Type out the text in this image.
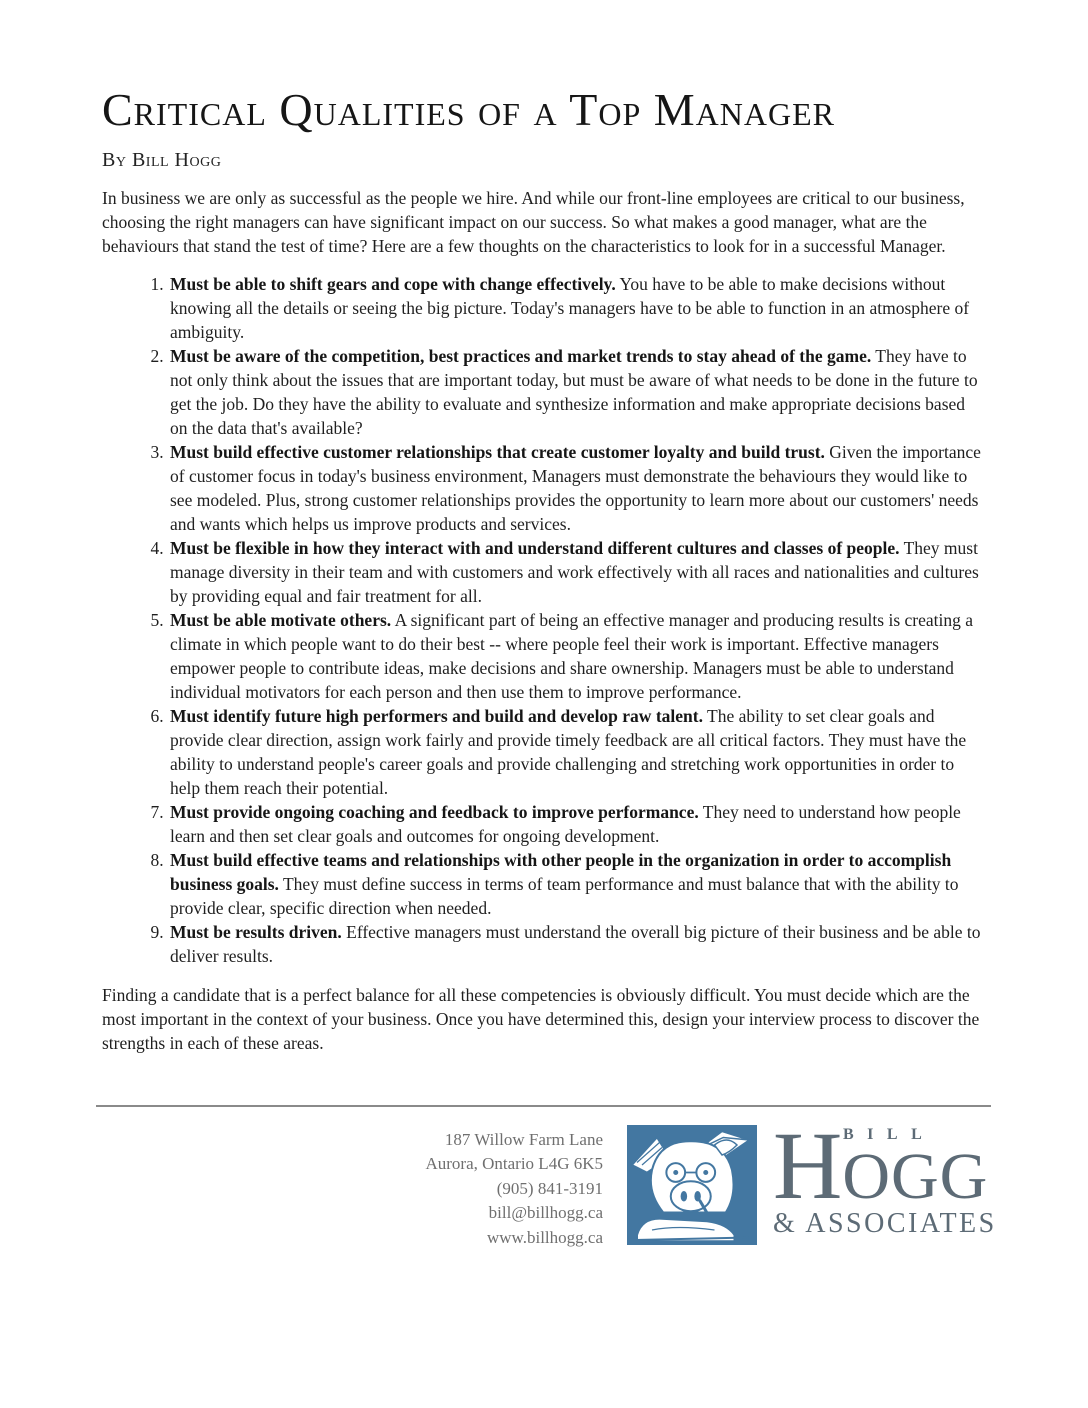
Critical Qualities of a Top Manager
By Bill Hogg

In business we are only as successful as the people we hire. And while our front-line employees are critical to our business, choosing the right managers can have significant impact on our success. So what makes a good manager, what are the behaviours that stand the test of time? Here are a few thoughts on the characteristics to look for in a successful Manager.

1. Must be able to shift gears and cope with change effectively. You have to be able to make decisions without knowing all the details or seeing the big picture. Today's managers have to be able to function in an atmosphere of ambiguity.
2. Must be aware of the competition, best practices and market trends to stay ahead of the game. They have to not only think about the issues that are important today, but must be aware of what needs to be done in the future to get the job. Do they have the ability to evaluate and synthesize information and make appropriate decisions based on the data that's available?
3. Must build effective customer relationships that create customer loyalty and build trust. Given the importance of customer focus in today's business environment, Managers must demonstrate the behaviours they would like to see modeled. Plus, strong customer relationships provides the opportunity to learn more about our customers' needs and wants which helps us improve products and services.
4. Must be flexible in how they interact with and understand different cultures and classes of people. They must manage diversity in their team and with customers and work effectively with all races and nationalities and cultures by providing equal and fair treatment for all.
5. Must be able motivate others. A significant part of being an effective manager and producing results is creating a climate in which people want to do their best -- where people feel their work is important. Effective managers empower people to contribute ideas, make decisions and share ownership. Managers must be able to understand individual motivators for each person and then use them to improve performance.
6. Must identify future high performers and build and develop raw talent. The ability to set clear goals and provide clear direction, assign work fairly and provide timely feedback are all critical factors. They must have the ability to understand people's career goals and provide challenging and stretching work opportunities in order to help them reach their potential.
7. Must provide ongoing coaching and feedback to improve performance. They need to understand how people learn and then set clear goals and outcomes for ongoing development.
8. Must build effective teams and relationships with other people in the organization in order to accomplish business goals. They must define success in terms of team performance and must balance that with the ability to provide clear, specific direction when needed.
9. Must be results driven. Effective managers must understand the overall big picture of their business and be able to deliver results.

Finding a candidate that is a perfect balance for all these competencies is obviously difficult. You must decide which are the most important in the context of your business. Once you have determined this, design your interview process to discover the strengths in each of these areas.

187 Willow Farm Lane
Aurora, Ontario L4G 6K5
(905) 841-3191
bill@billhogg.ca
www.billhogg.ca
BILL
HOGG
& ASSOCIATES
